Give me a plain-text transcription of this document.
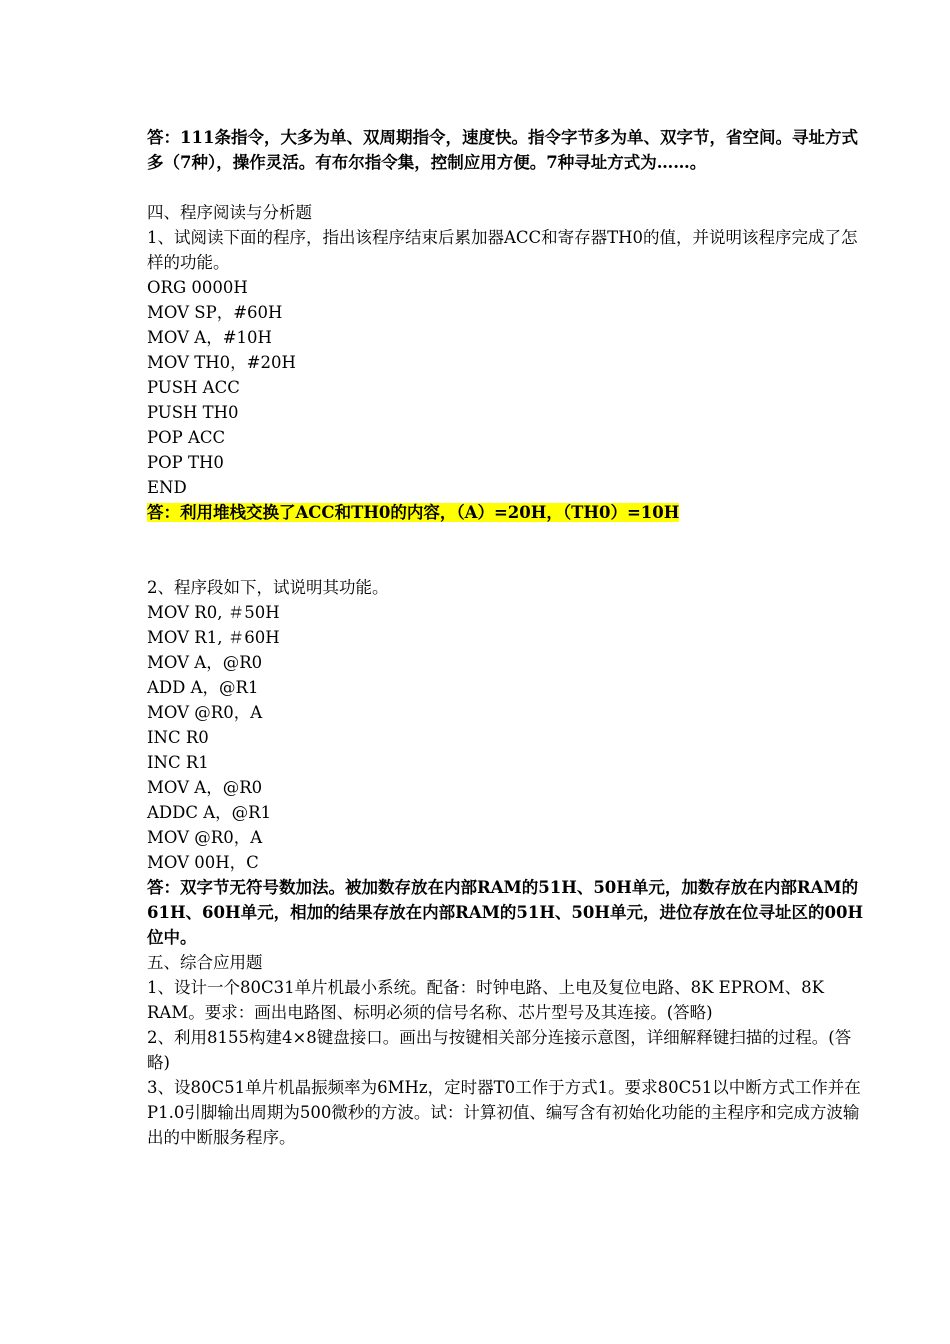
答：111条指令，大多为单、双周期指令，速度快。指令字节多为单、双字节，省空间。寻址方式多（7种），操作灵活。有布尔指令集，控制应用方便。7种寻址方式为……。
四、程序阅读与分析题
1、试阅读下面的程序，指出该程序结束后累加器ACC和寄存器TH0的值，并说明该程序完成了怎样的功能。
ORG 0000H
MOV SP，#60H
MOV A，#10H
MOV TH0，#20H
PUSH ACC
PUSH TH0
POP ACC
POP TH0
END
答：利用堆栈交换了ACC和TH0的内容，（A）=20H，（TH0）=10H
2、程序段如下，试说明其功能。
MOV R0, ＃50H
MOV R1, ＃60H
MOV A，@R0
ADD A，@R1
MOV @R0，A
INC R0
INC R1
MOV A，@R0
ADDC A，@R1
MOV @R0，A
MOV 00H，C
答：双字节无符号数加法。被加数存放在内部RAM的51H、50H单元，加数存放在内部RAM的61H、60H单元，相加的结果存放在内部RAM的51H、50H单元，进位存放在位寻址区的00H位中。
五、综合应用题
1、设计一个80C31单片机最小系统。配备：时钟电路、上电及复位电路、8K EPROM、8K RAM。要求：画出电路图、标明必须的信号名称、芯片型号及其连接。(答略)
2、利用8155构建4×8键盘接口。画出与按键相关部分连接示意图，详细解释键扫描的过程。(答略)
3、设80C51单片机晶振频率为6MHz，定时器T0工作于方式1。要求80C51以中断方式工作并在P1.0引脚输出周期为500微秒的方波。试：计算初值、编写含有初始化功能的主程序和完成方波输出的中断服务程序。
